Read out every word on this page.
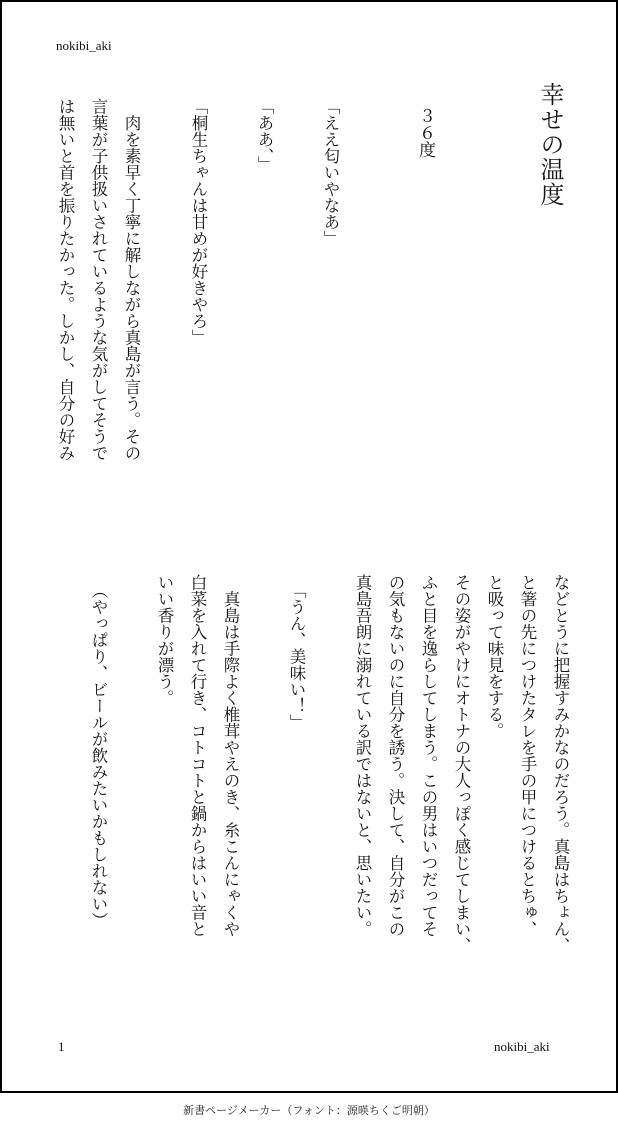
nokibi_aki
幸せの温度
３６度
「ええ匂いやなあ」
「ああ、」
「桐生ちゃんは甘めが好きやろ」
　肉を素早く丁寧に解しながら真島が言う。その
言葉が子供扱いされているような気がしてそうで
は無いと首を振りたかった。しかし、自分の好み
などとうに把握すみかなのだろう。真島はちょん、
と箸の先につけたタレを手の甲につけるとちゅ、
と吸って味見をする。
その姿がやけにオトナの大人っぽく感じてしまい、
ふと目を逸らしてしまう。この男はいつだってそ
の気もないのに自分を誘う。決して、自分がこの
真島吾朗に溺れている訳ではないと、思いたい。
「うん、美味い！」
　真島は手際よく椎茸やえのき、糸こんにゃくや
白菜を入れて行き、コトコトと鍋からはいい音と
いい香りが漂う。
（やっぱり、ビールが飲みたいかもしれない）
1	nokibi_aki
新書ページメーカー（フォント：源暎ちくご明朝）
